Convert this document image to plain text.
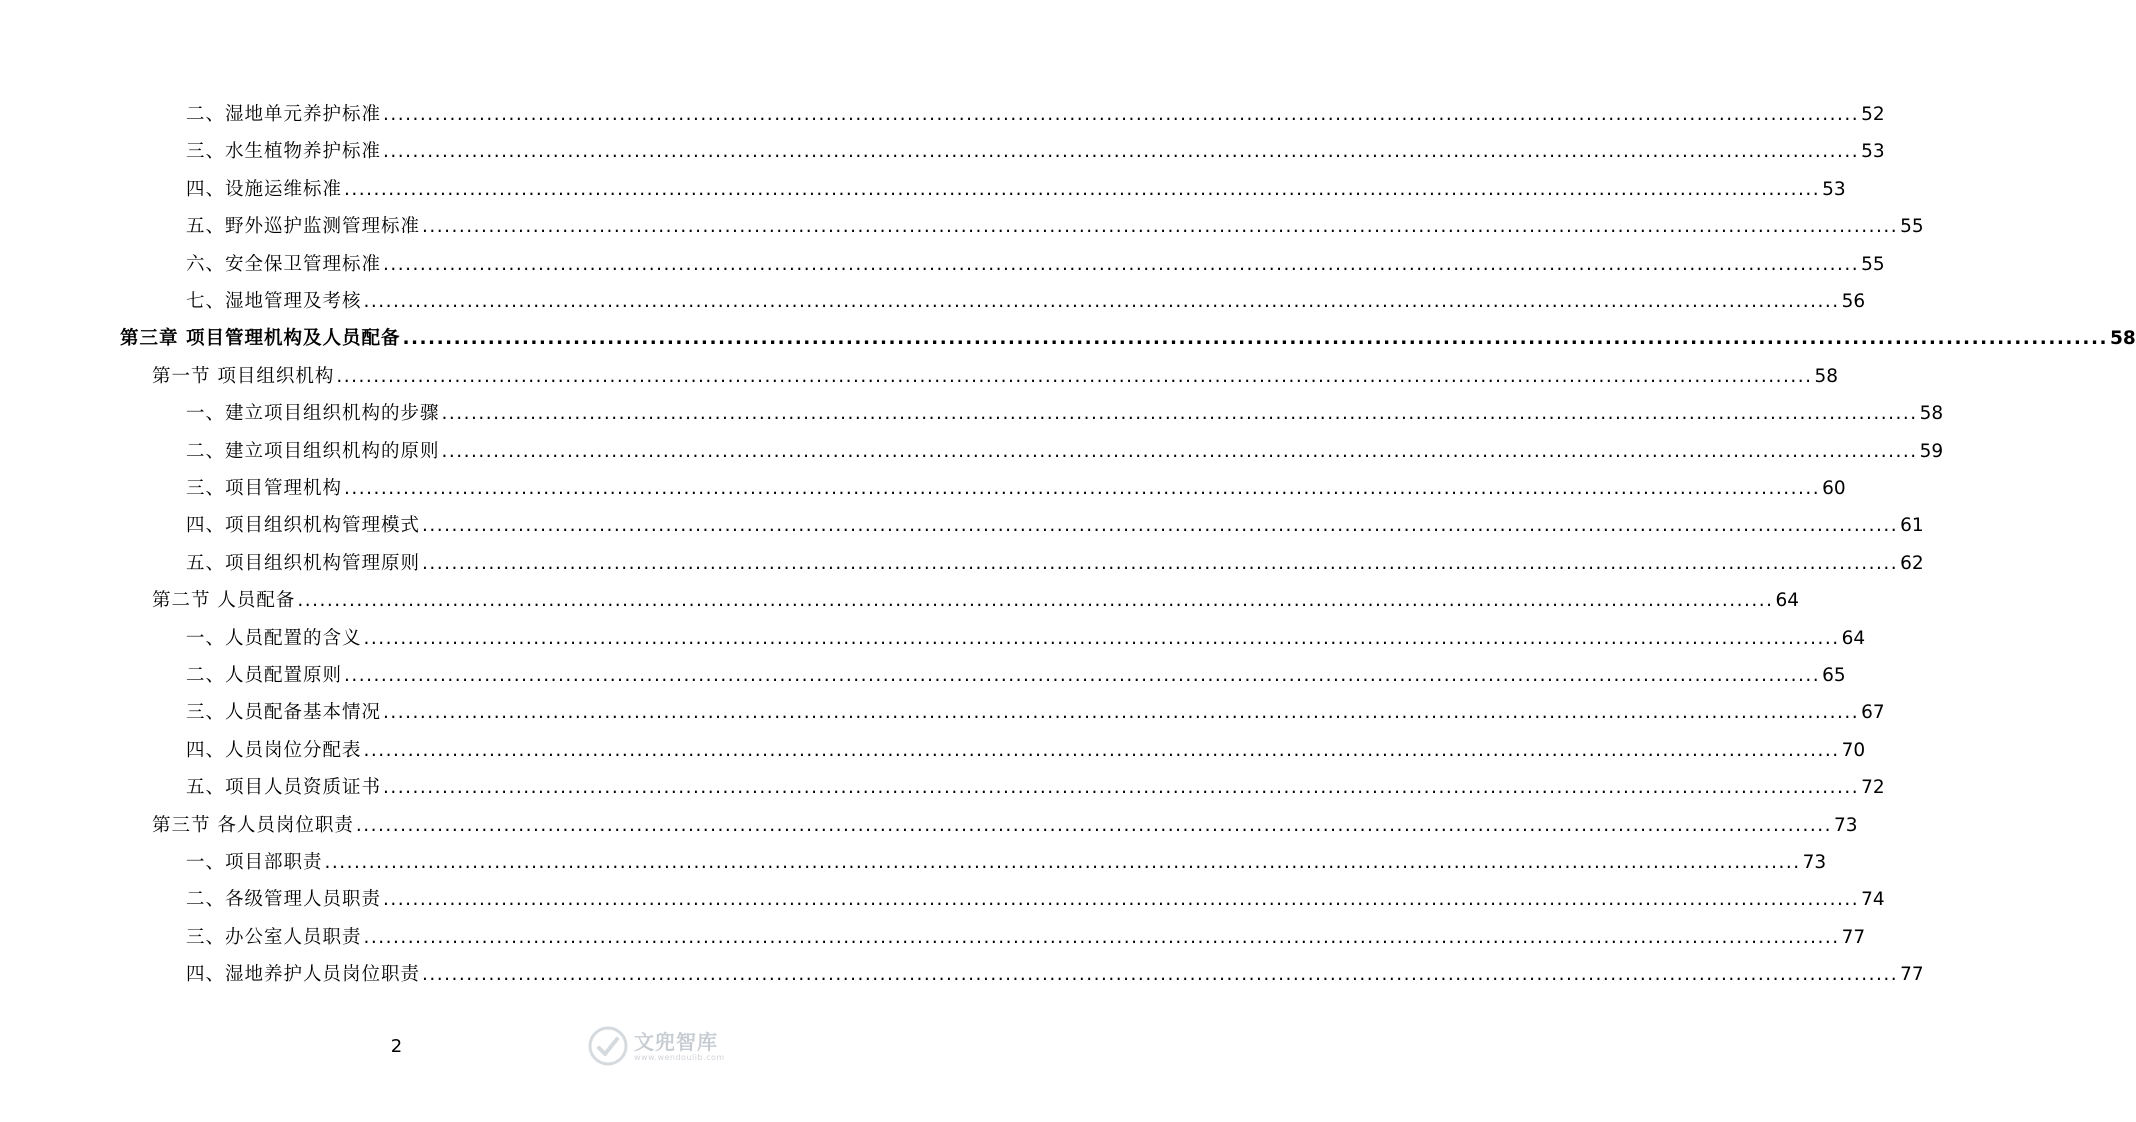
二、湿地单元养护标准 ........................................................................................................................................................................................................ 52
三、水生植物养护标准 ........................................................................................................................................................................................................ 53
四、设施运维标准 ........................................................................................................................................................................................................ 53
五、野外巡护监测管理标准 ........................................................................................................................................................................................................ 55
六、安全保卫管理标准 ........................................................................................................................................................................................................ 55
七、湿地管理及考核 ........................................................................................................................................................................................................ 56
第三章 项目管理机构及人员配备 ........................................................................................................................................................................................................ 58
第一节 项目组织机构 ........................................................................................................................................................................................................ 58
一、建立项目组织机构的步骤 ........................................................................................................................................................................................................ 58
二、建立项目组织机构的原则 ........................................................................................................................................................................................................ 59
三、项目管理机构 ........................................................................................................................................................................................................ 60
四、项目组织机构管理模式 ........................................................................................................................................................................................................ 61
五、项目组织机构管理原则 ........................................................................................................................................................................................................ 62
第二节 人员配备 ........................................................................................................................................................................................................ 64
一、人员配置的含义 ........................................................................................................................................................................................................ 64
二、人员配置原则 ........................................................................................................................................................................................................ 65
三、人员配备基本情况 ........................................................................................................................................................................................................ 67
四、人员岗位分配表 ........................................................................................................................................................................................................ 70
五、项目人员资质证书 ........................................................................................................................................................................................................ 72
第三节 各人员岗位职责 ........................................................................................................................................................................................................ 73
一、项目部职责 ........................................................................................................................................................................................................ 73
二、各级管理人员职责 ........................................................................................................................................................................................................ 74
三、办公室人员职责 ........................................................................................................................................................................................................ 77
四、湿地养护人员岗位职责 ........................................................................................................................................................................................................ 77
2	文兜智库
www.wendoulib.com
